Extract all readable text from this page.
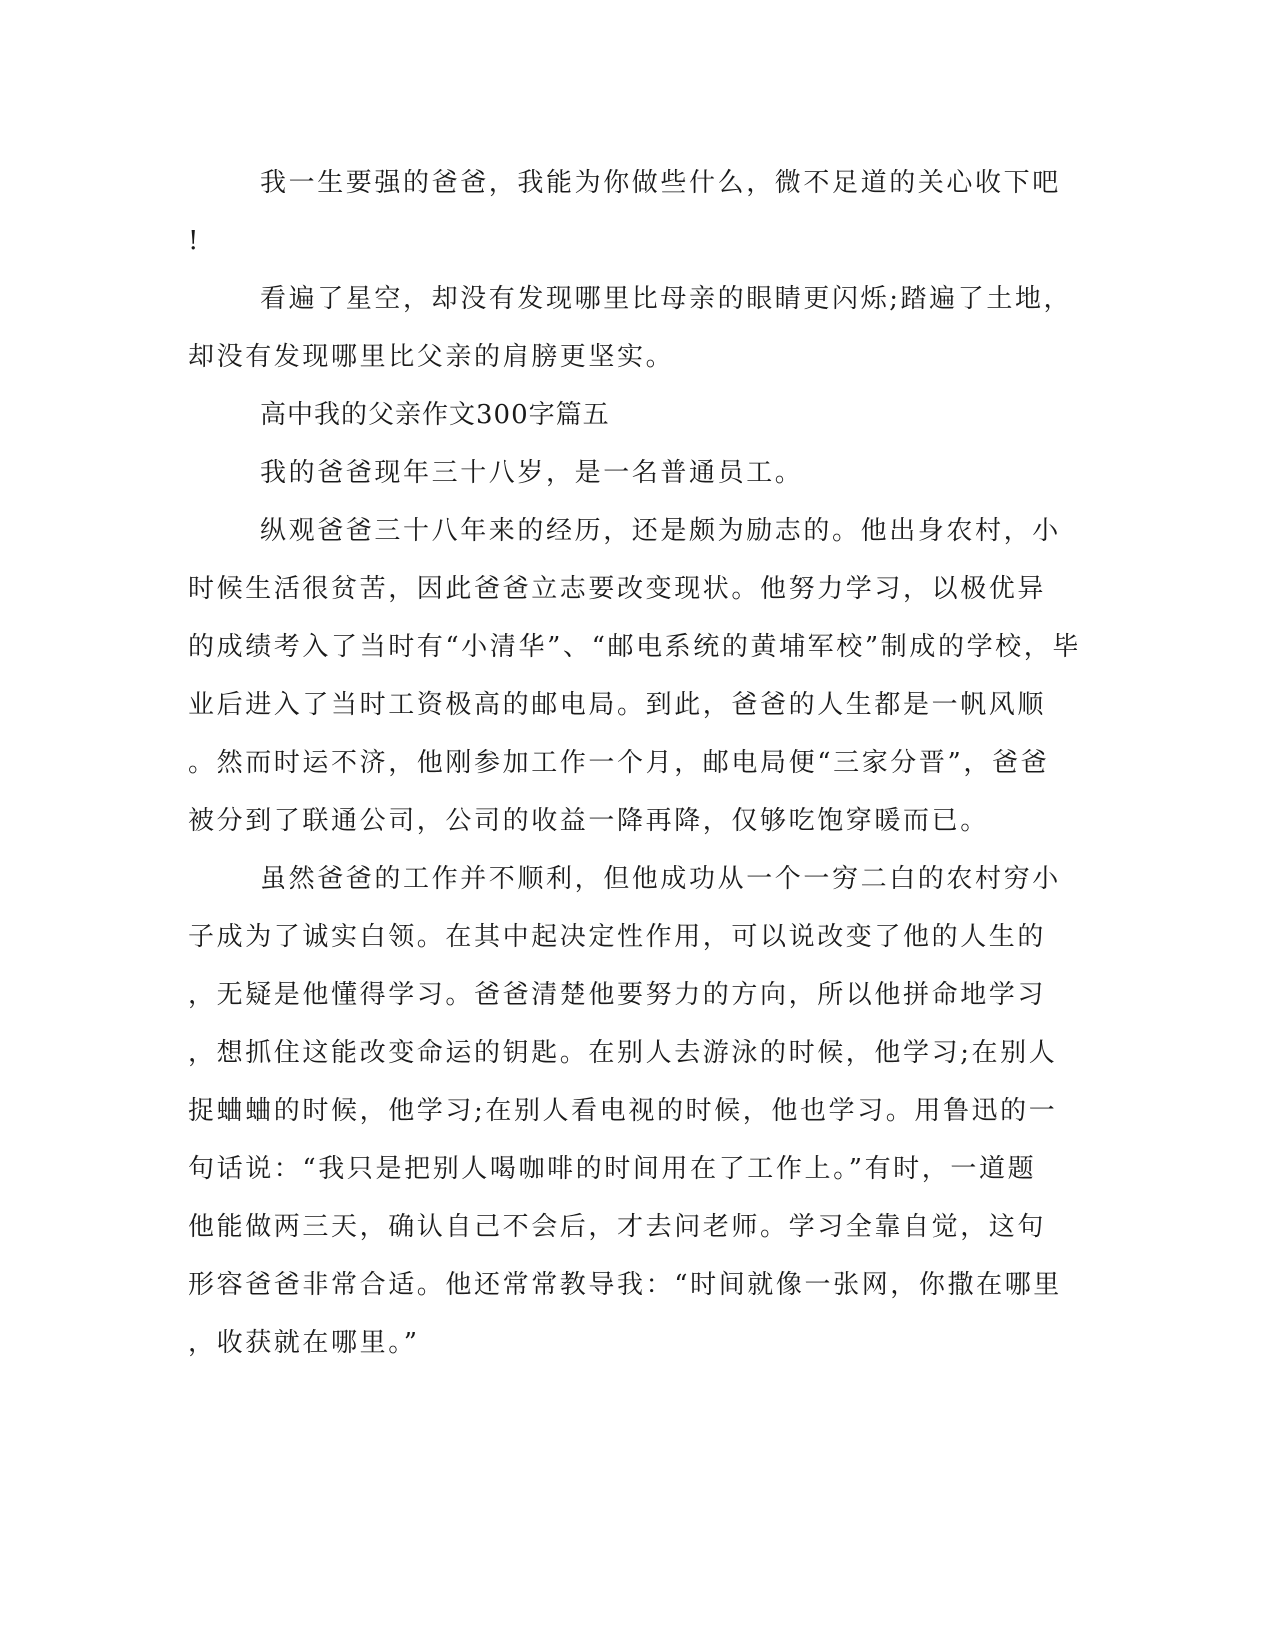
我一生要强的爸爸，我能为你做些什么，微不足道的关心收下吧
!
看遍了星空，却没有发现哪里比母亲的眼睛更闪烁;踏遍了土地，
却没有发现哪里比父亲的肩膀更坚实。
高中我的父亲作文300字篇五
我的爸爸现年三十八岁，是一名普通员工。
纵观爸爸三十八年来的经历，还是颇为励志的。他出身农村，小
时候生活很贫苦，因此爸爸立志要改变现状。他努力学习，以极优异
的成绩考入了当时有“小清华”、“邮电系统的黄埔军校”制成的学校，毕
业后进入了当时工资极高的邮电局。到此，爸爸的人生都是一帆风顺
。然而时运不济，他刚参加工作一个月，邮电局便“三家分晋”，爸爸
被分到了联通公司，公司的收益一降再降，仅够吃饱穿暖而已。
虽然爸爸的工作并不顺利，但他成功从一个一穷二白的农村穷小
子成为了诚实白领。在其中起决定性作用，可以说改变了他的人生的
，无疑是他懂得学习。爸爸清楚他要努力的方向，所以他拼命地学习
，想抓住这能改变命运的钥匙。在别人去游泳的时候，他学习;在别人
捉蛐蛐的时候，他学习;在别人看电视的时候，他也学习。用鲁迅的一
句话说：“我只是把别人喝咖啡的时间用在了工作上。”有时，一道题
他能做两三天，确认自己不会后，才去问老师。学习全靠自觉，这句
形容爸爸非常合适。他还常常教导我：“时间就像一张网，你撒在哪里
，收获就在哪里。”
